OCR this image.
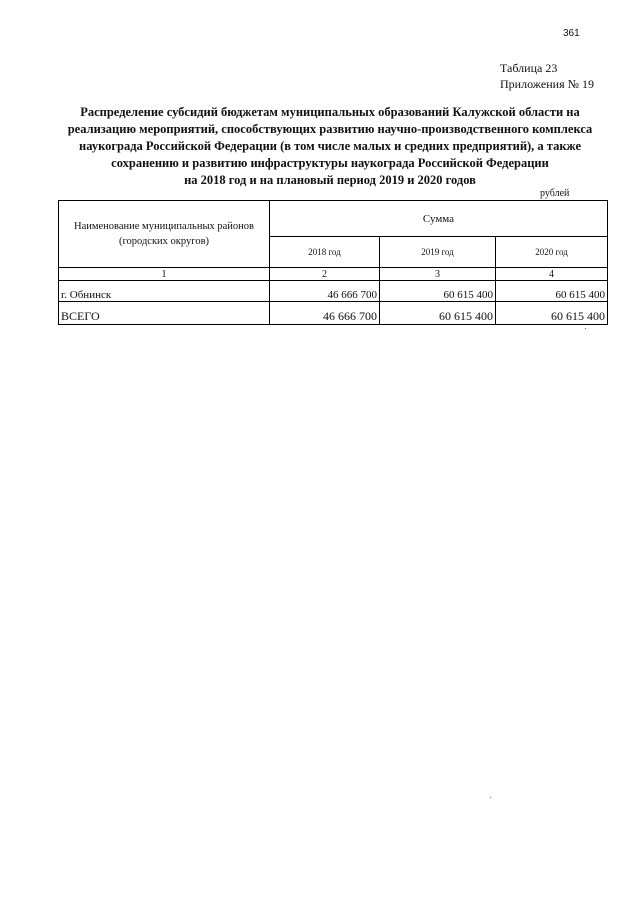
361
Таблица 23
Приложения № 19
Распределение субсидий бюджетам муниципальных образований Калужской области на
реализацию мероприятий, способствующих развитию научно-производственного комплекса
наукограда Российской Федерации (в том числе малых и средних предприятий), а также
сохранению и развитию инфраструктуры наукограда Российской Федерации
на 2018 год и на плановый период 2019 и 2020 годов
рублей
Наименование муниципальных районов (городских округов)	Сумма		
	2018 год	2019 год	2020 год
1	2	3	4
г. Обнинск	46 666 700	60 615 400	60 615 400
ВСЕГО	46 666 700	60 615 400	60 615 400
